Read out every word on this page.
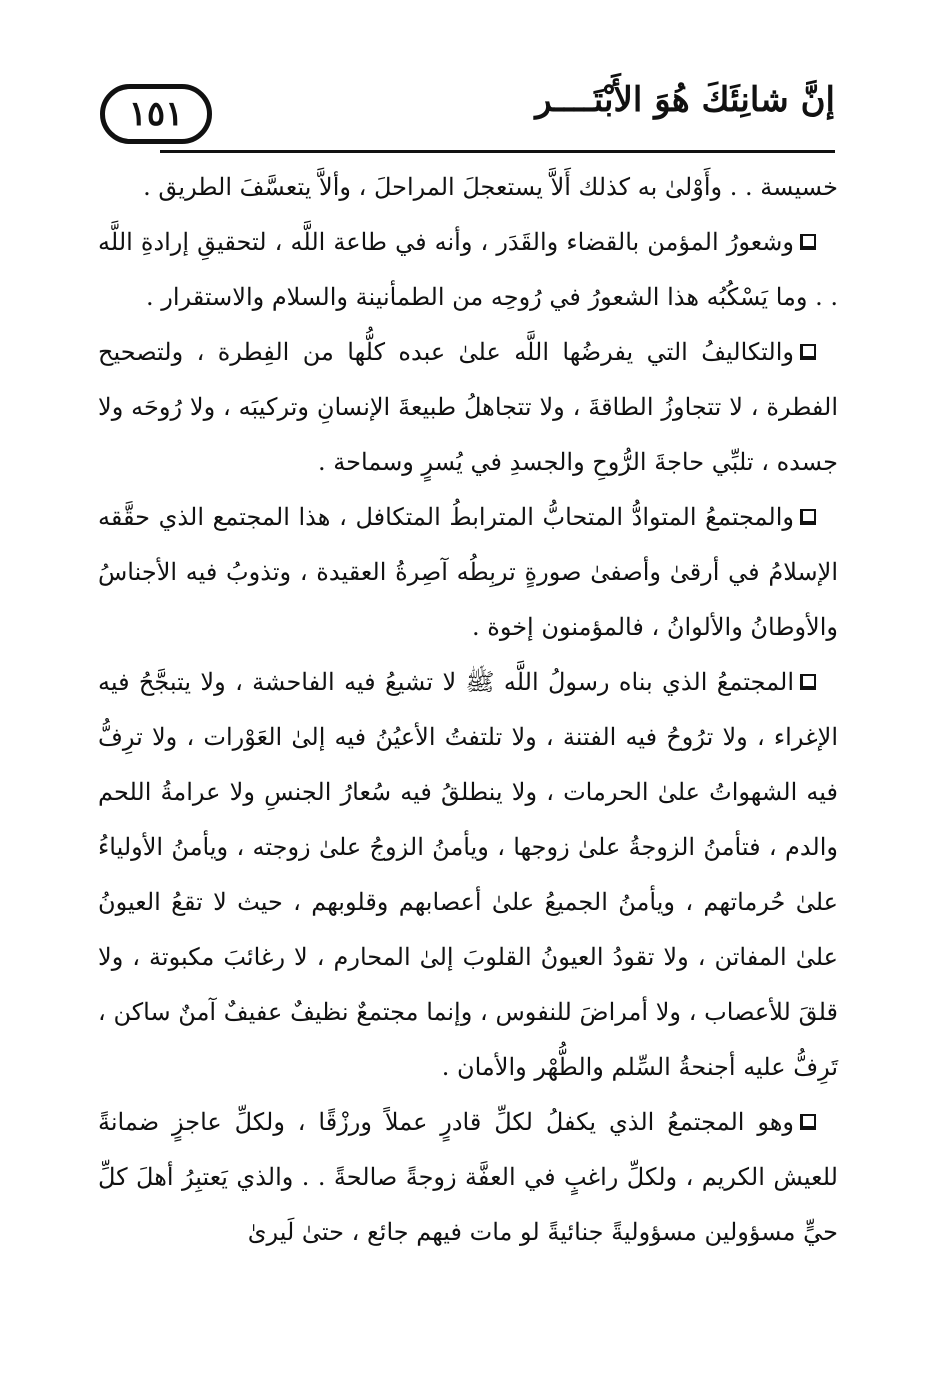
١٥١	إنَّ شانِئَكَ هُوَ الأَبْتَــــر

خسيسة . . وأَوْلىٰ به كذلك أَلاَّ يستعجلَ المراحلَ ، وألاَّ يتعسَّفَ الطريق .

وشعورُ المؤمن بالقضاء والقَدَر ، وأنه في طاعة اللَّه ، لتحقيقِ إرادةِ اللَّه . . وما يَسْكُبُه هذا الشعورُ في رُوحِه من الطمأنينة والسلام والاستقرار .

والتكاليفُ التي يفرضُها اللَّه علىٰ عبده كلُّها من الفِطرة ، ولتصحيح الفطرة ، لا تتجاوزُ الطاقةَ ، ولا تتجاهلُ طبيعةَ الإنسانِ وتركيبَه ، ولا رُوحَه ولا جسده ، تلبِّي حاجةَ الرُّوحِ والجسدِ في يُسرٍ وسماحة .

والمجتمعُ المتوادُّ المتحابُّ المترابطُ المتكافل ، هذا المجتمع الذي حقَّقه الإسلامُ في أرقىٰ وأصفىٰ صورةٍ تربِطُه آصِرةُ العقيدة ، وتذوبُ فيه الأجناسُ والأوطانُ والألوانُ ، فالمؤمنون إخوة .

المجتمعُ الذي بناه رسولُ اللَّه ﷺ لا تشيعُ فيه الفاحشة ، ولا يتبجَّحُ فيه الإغراء ، ولا ترُوحُ فيه الفتنة ، ولا تلتفتُ الأعيُنُ فيه إلىٰ العَوْرات ، ولا ترِفُّ فيه الشهواتُ علىٰ الحرمات ، ولا ينطلقُ فيه سُعارُ الجنسِ ولا عرامةُ اللحم والدم ، فتأمنُ الزوجةُ علىٰ زوجها ، ويأمنُ الزوجُ علىٰ زوجته ، ويأمنُ الأولياءُ علىٰ حُرماتهم ، ويأمنُ الجميعُ علىٰ أعصابهم وقلوبهم ، حيث لا تقعُ العيونُ علىٰ المفاتن ، ولا تقودُ العيونُ القلوبَ إلىٰ المحارم ، لا رغائبَ مكبوتة ، ولا قلقَ للأعصاب ، ولا أمراضَ للنفوس ، وإنما مجتمعٌ نظيفٌ عفيفٌ آمنٌ ساكن ، تَرِفُّ عليه أجنحةُ السِّلم والطُّهْر والأمان .

وهو المجتمعُ الذي يكفلُ لكلِّ قادرٍ عملاً ورزْقًا ، ولكلِّ عاجزٍ ضمانةً للعيش الكريم ، ولكلِّ راغبٍ في العفَّة زوجةً صالحةً . . والذي يَعتبِرُ أهلَ كلِّ حيٍّ مسؤولين مسؤوليةً جنائيةً لو مات فيهم جائع ، حتىٰ لَيرىٰ
